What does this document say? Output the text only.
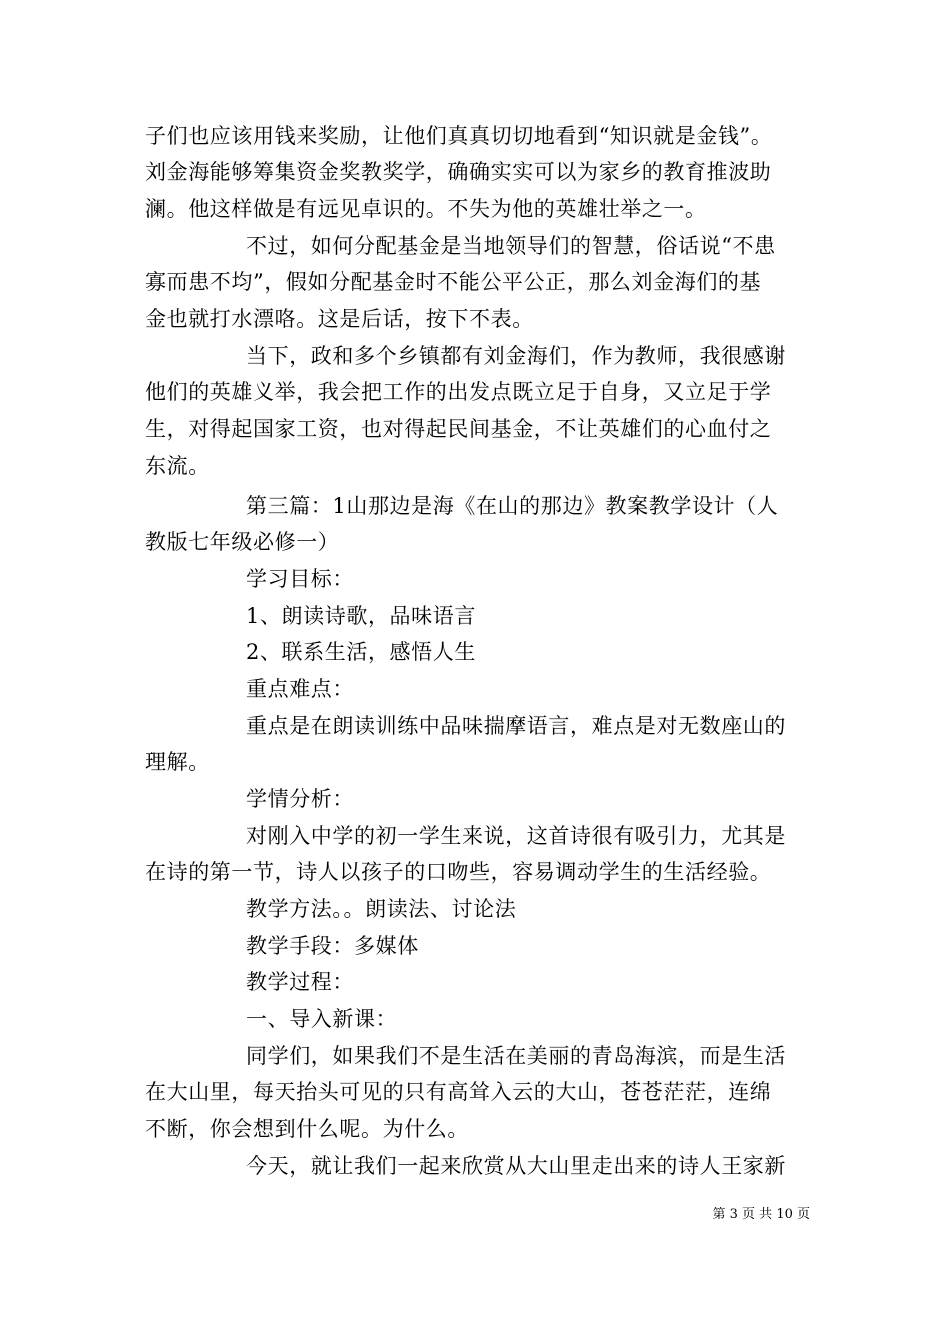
子们也应该用钱来奖励，让他们真真切切地看到“知识就是金钱”。
刘金海能够筹集资金奖教奖学，确确实实可以为家乡的教育推波助
澜。他这样做是有远见卓识的。不失为他的英雄壮举之一。
不过，如何分配基金是当地领导们的智慧，俗话说“不患
寡而患不均”，假如分配基金时不能公平公正，那么刘金海们的基
金也就打水漂咯。这是后话，按下不表。
当下，政和多个乡镇都有刘金海们，作为教师，我很感谢
他们的英雄义举，我会把工作的出发点既立足于自身，又立足于学
生，对得起国家工资，也对得起民间基金，不让英雄们的心血付之
东流。
第三篇：1山那边是海《在山的那边》教案教学设计（人
教版七年级必修一）
学习目标：
1、朗读诗歌，品味语言
2、联系生活，感悟人生
重点难点：
重点是在朗读训练中品味揣摩语言，难点是对无数座山的
理解。
学情分析：
对刚入中学的初一学生来说，这首诗很有吸引力，尤其是
在诗的第一节，诗人以孩子的口吻些，容易调动学生的生活经验。
教学方法。。朗读法、讨论法
教学手段：多媒体
教学过程：
一、导入新课：
同学们，如果我们不是生活在美丽的青岛海滨，而是生活
在大山里，每天抬头可见的只有高耸入云的大山，苍苍茫茫，连绵
不断，你会想到什么呢。为什么。
今天，就让我们一起来欣赏从大山里走出来的诗人王家新
第 3 页 共 10 页
